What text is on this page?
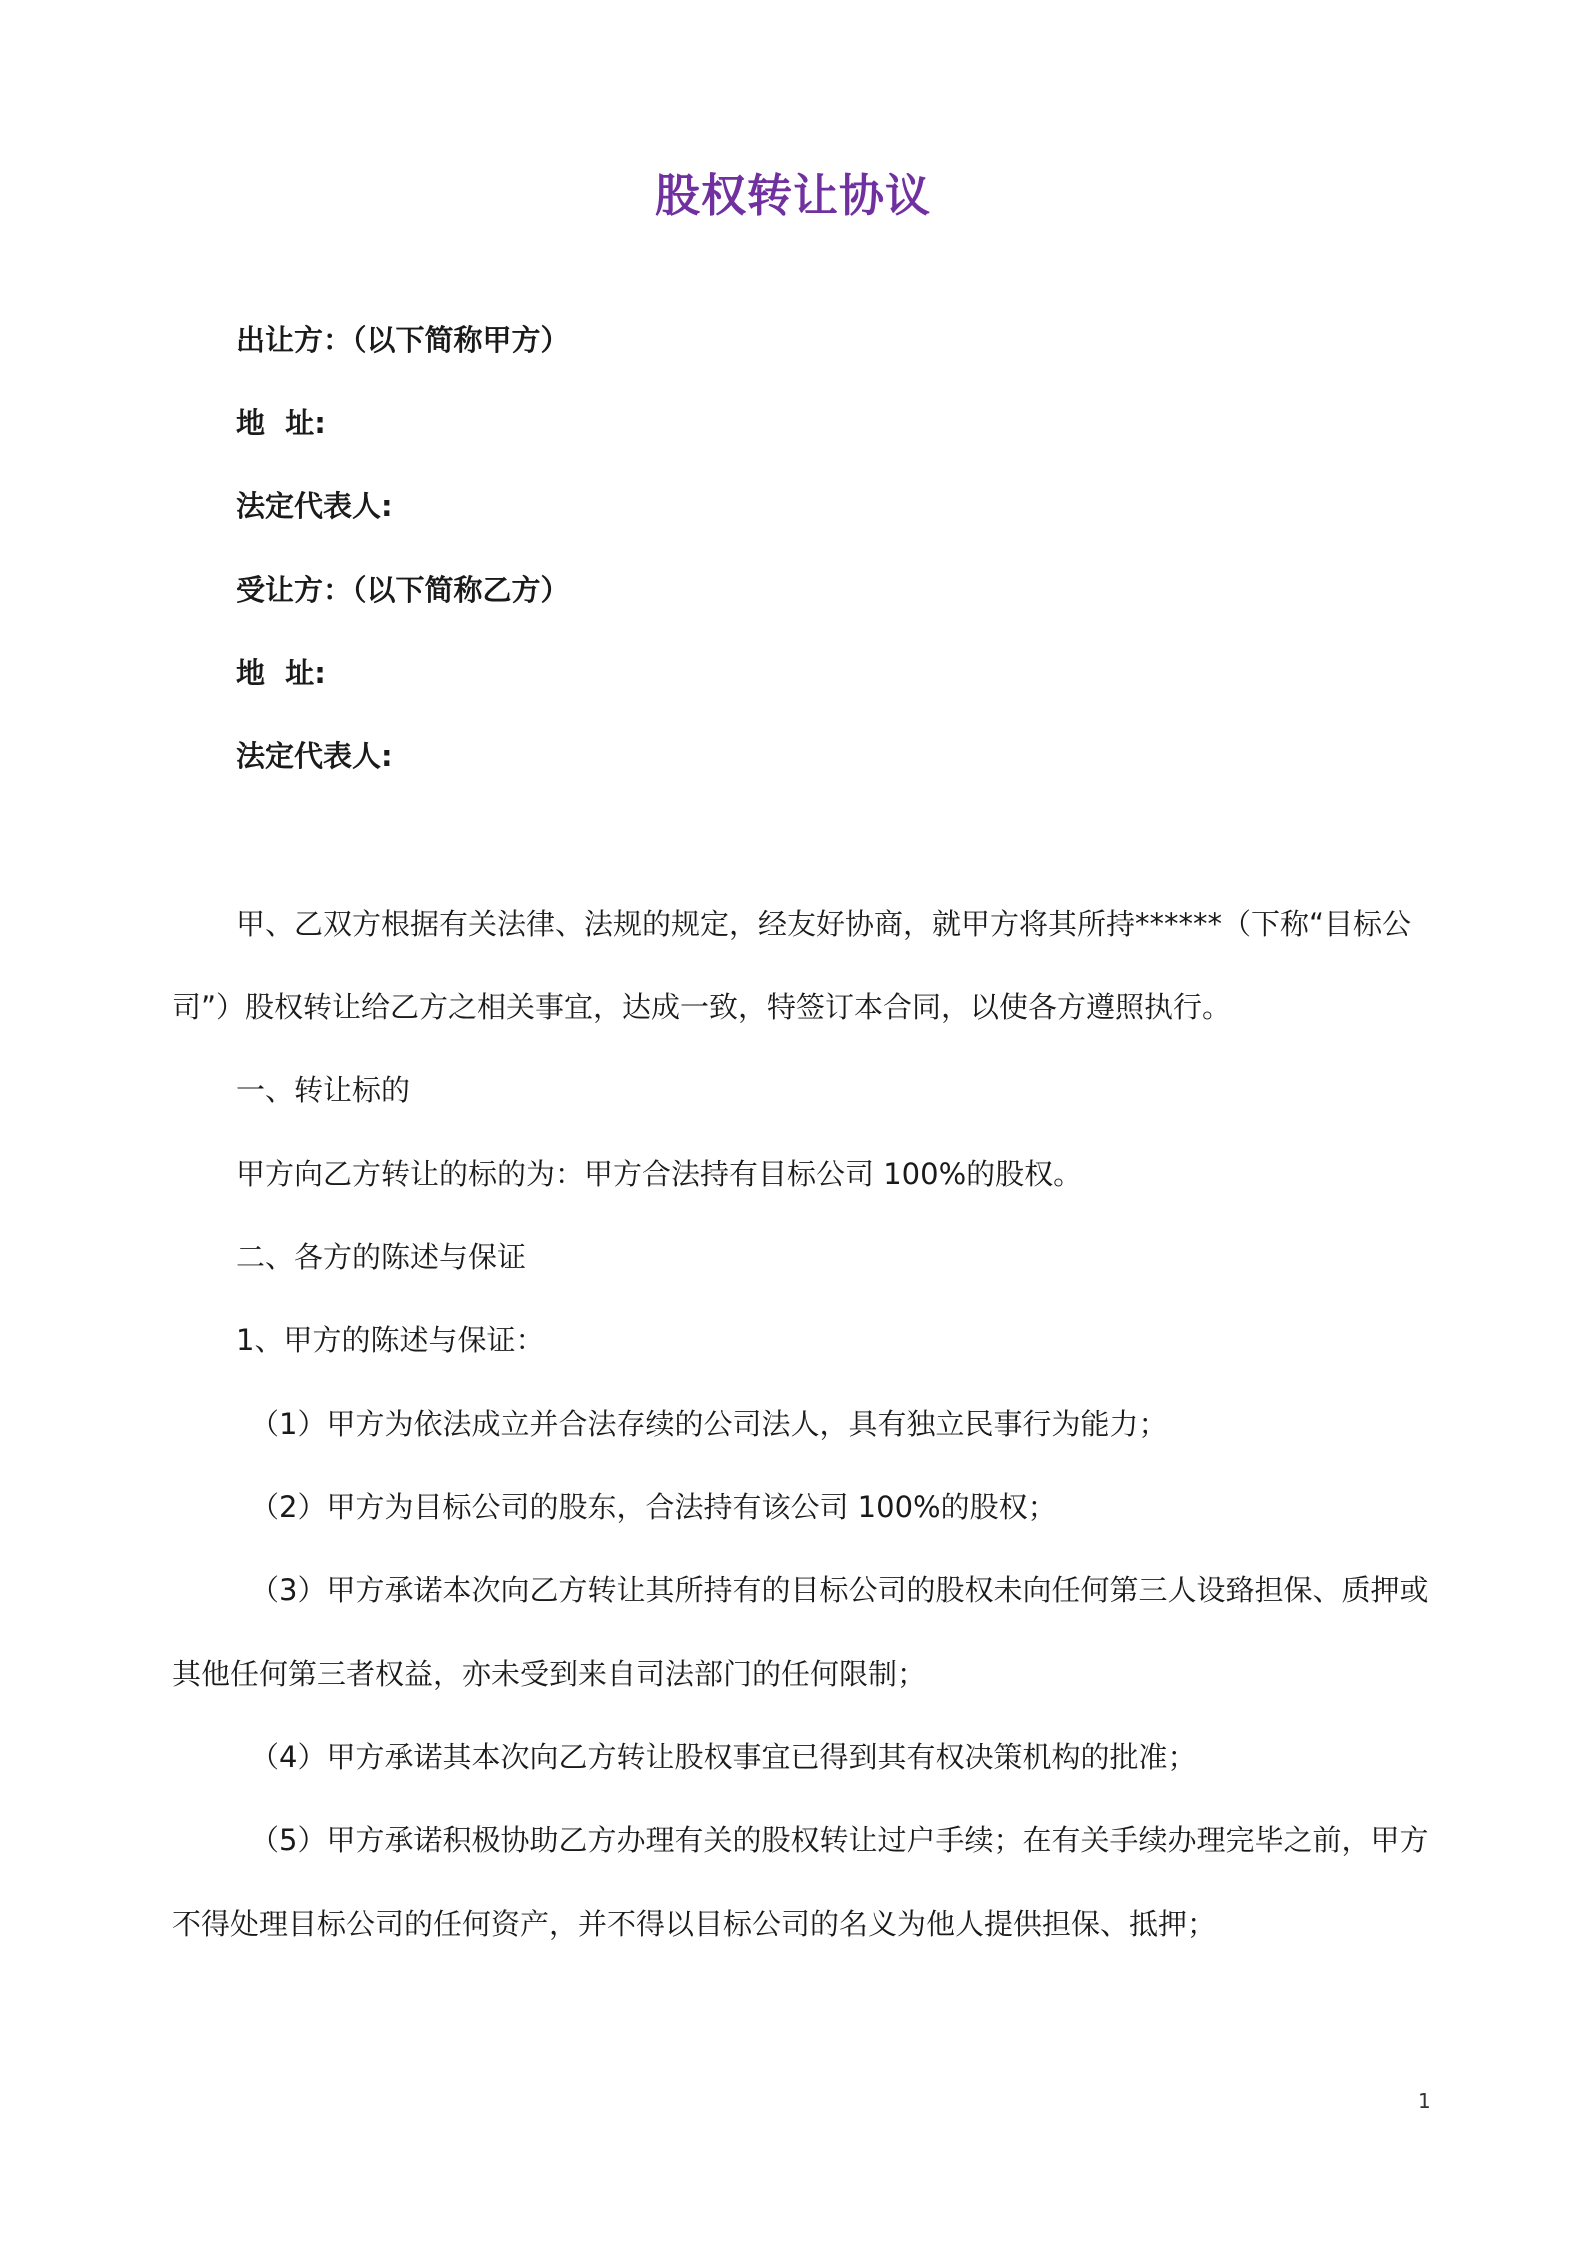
股权转让协议
出让方：（以下简称甲方）
地  址:
法定代表人:
受让方：（以下简称乙方）
地  址:
法定代表人:
甲、乙双方根据有关法律、法规的规定，经友好协商，就甲方将其所持******（下称“目标公
司”）股权转让给乙方之相关事宜，达成一致，特签订本合同，以使各方遵照执行。
一、转让标的
甲方向乙方转让的标的为：甲方合法持有目标公司 100%的股权。
二、各方的陈述与保证
1、甲方的陈述与保证：
（1）甲方为依法成立并合法存续的公司法人，具有独立民事行为能力；
（2）甲方为目标公司的股东，合法持有该公司 100%的股权；
（3）甲方承诺本次向乙方转让其所持有的目标公司的股权未向任何第三人设臵担保、质押或
其他任何第三者权益，亦未受到来自司法部门的任何限制；
（4）甲方承诺其本次向乙方转让股权事宜已得到其有权决策机构的批准；
（5）甲方承诺积极协助乙方办理有关的股权转让过户手续；在有关手续办理完毕之前，甲方
不得处理目标公司的任何资产，并不得以目标公司的名义为他人提供担保、抵押；
1
